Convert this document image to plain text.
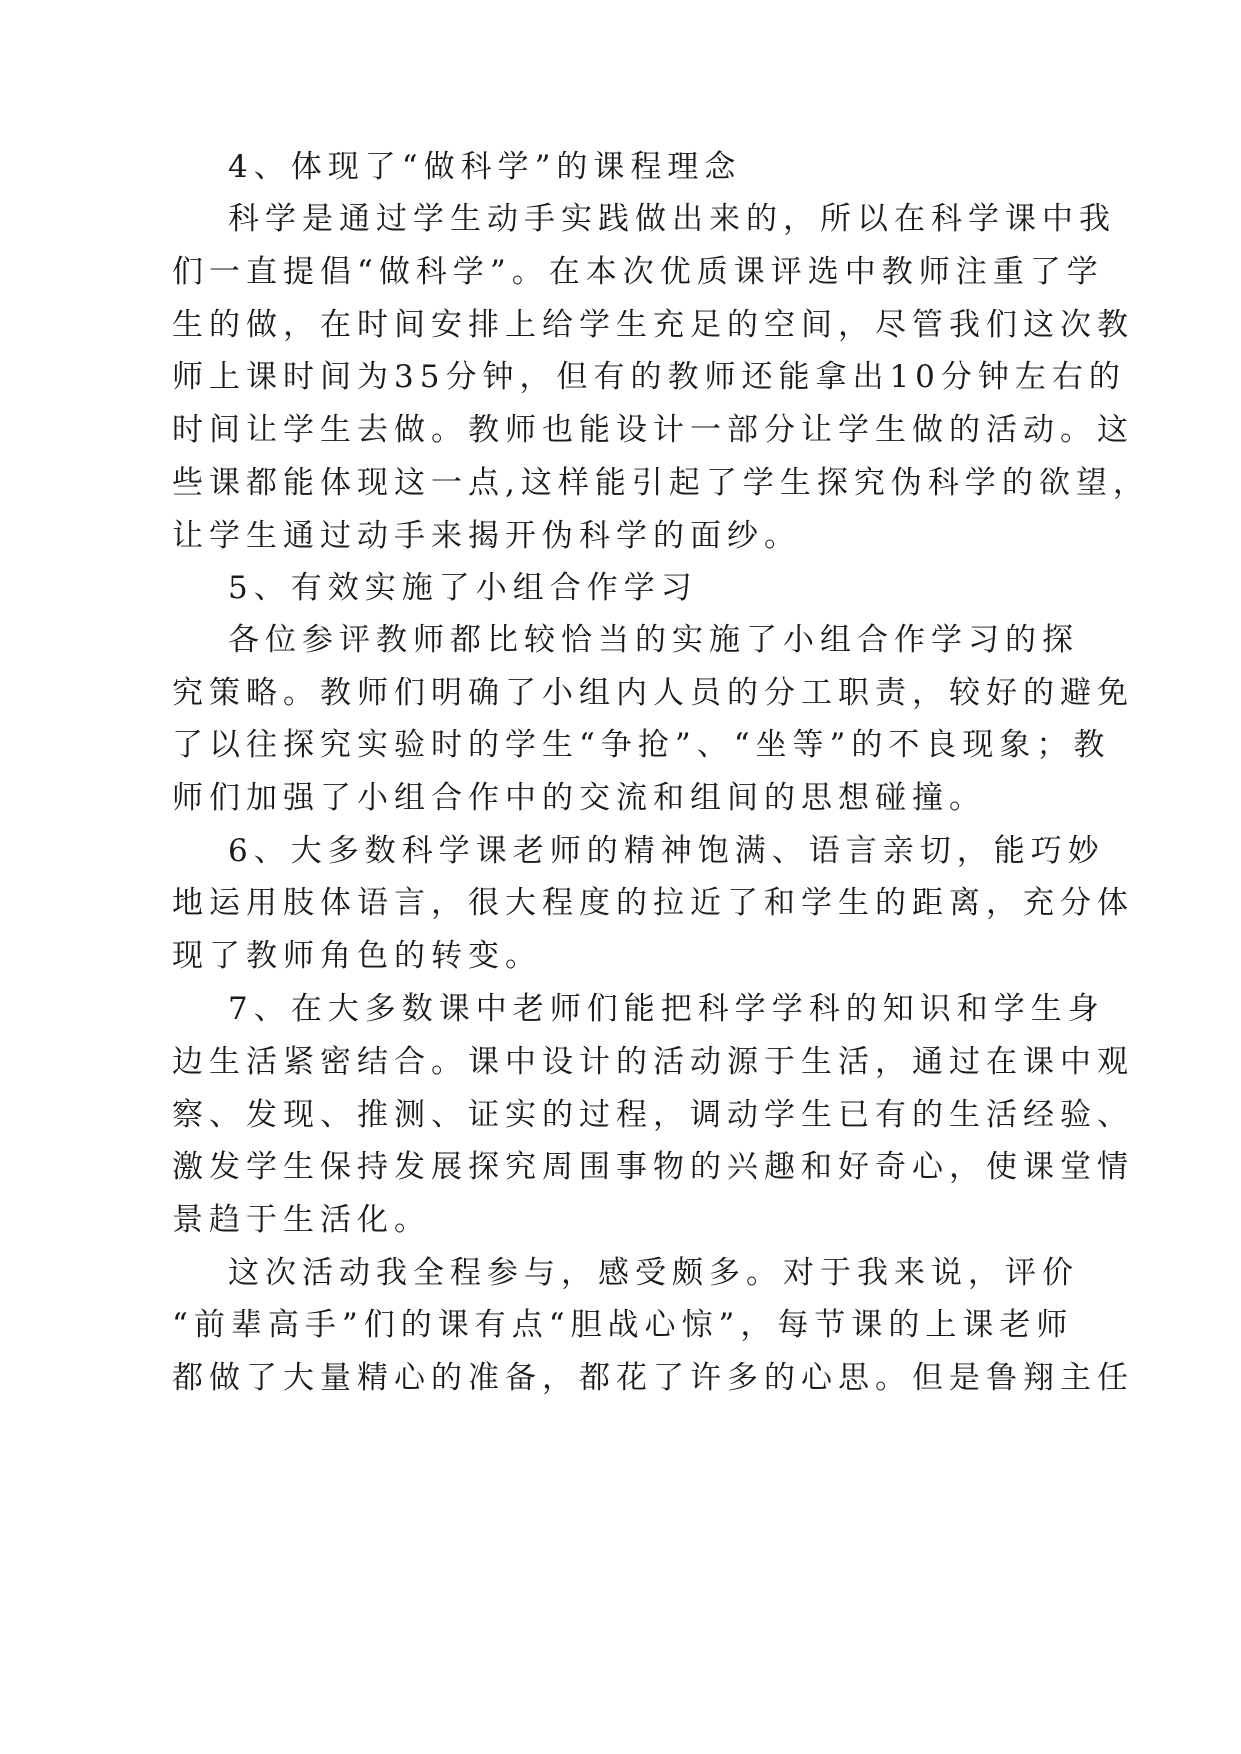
4、体现了“做科学”的课程理念

科学是通过学生动手实践做出来的，所以在科学课中我

们一直提倡“做科学”。在本次优质课评选中教师注重了学

生的做，在时间安排上给学生充足的空间，尽管我们这次教

师上课时间为35分钟，但有的教师还能拿出10分钟左右的

时间让学生去做。教师也能设计一部分让学生做的活动。这

些课都能体现这一点,这样能引起了学生探究伪科学的欲望，

让学生通过动手来揭开伪科学的面纱。

5、有效实施了小组合作学习

各位参评教师都比较恰当的实施了小组合作学习的探

究策略。教师们明确了小组内人员的分工职责，较好的避免

了以往探究实验时的学生“争抢”、“坐等”的不良现象；教

师们加强了小组合作中的交流和组间的思想碰撞。

6、大多数科学课老师的精神饱满、语言亲切，能巧妙

地运用肢体语言，很大程度的拉近了和学生的距离，充分体

现了教师角色的转变。

7、在大多数课中老师们能把科学学科的知识和学生身

边生活紧密结合。课中设计的活动源于生活，通过在课中观

察、发现、推测、证实的过程，调动学生已有的生活经验、

激发学生保持发展探究周围事物的兴趣和好奇心，使课堂情

景趋于生活化。

这次活动我全程参与，感受颇多。对于我来说，评价

“前辈高手”们的课有点“胆战心惊”，每节课的上课老师

都做了大量精心的准备，都花了许多的心思。但是鲁翔主任
